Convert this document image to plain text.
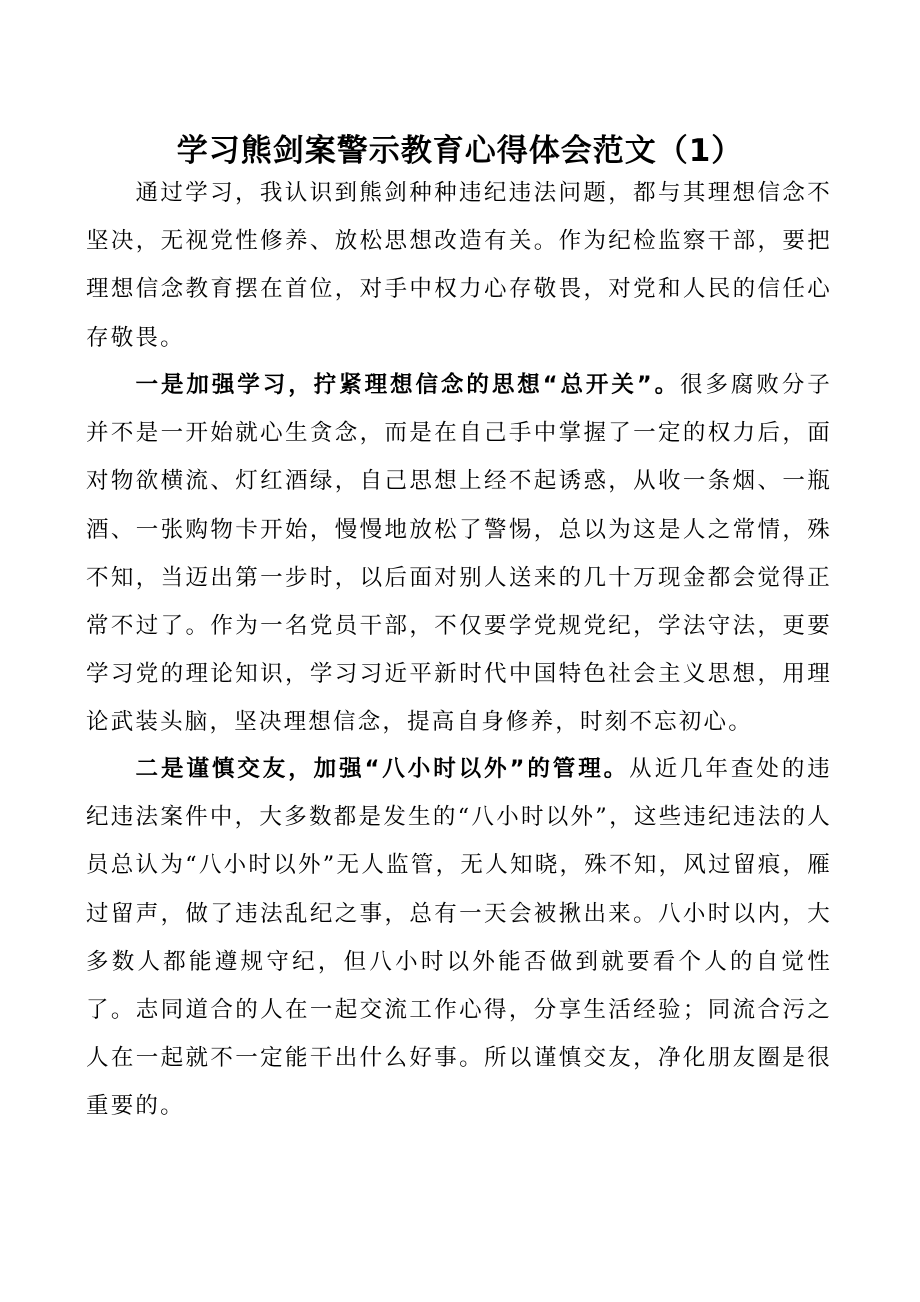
学习熊剑案警示教育心得体会范文（1）

通过学习，我认识到熊剑种种违纪违法问题，都与其理想信念不坚决，无视党性修养、放松思想改造有关。作为纪检监察干部，要把理想信念教育摆在首位，对手中权力心存敬畏，对党和人民的信任心存敬畏。

一是加强学习，拧紧理想信念的思想“总开关”。很多腐败分子并不是一开始就心生贪念，而是在自己手中掌握了一定的权力后，面对物欲横流、灯红酒绿，自己思想上经不起诱惑，从收一条烟、一瓶酒、一张购物卡开始，慢慢地放松了警惕，总以为这是人之常情，殊不知，当迈出第一步时，以后面对别人送来的几十万现金都会觉得正常不过了。作为一名党员干部，不仅要学党规党纪，学法守法，更要学习党的理论知识，学习习近平新时代中国特色社会主义思想，用理论武装头脑，坚决理想信念，提高自身修养，时刻不忘初心。

二是谨慎交友，加强“八小时以外”的管理。从近几年查处的违纪违法案件中，大多数都是发生的“八小时以外”，这些违纪违法的人员总认为“八小时以外”无人监管，无人知晓，殊不知，风过留痕，雁过留声，做了违法乱纪之事，总有一天会被揪出来。八小时以内，大多数人都能遵规守纪，但八小时以外能否做到就要看个人的自觉性了。志同道合的人在一起交流工作心得，分享生活经验；同流合污之人在一起就不一定能干出什么好事。所以谨慎交友，净化朋友圈是很重要的。
